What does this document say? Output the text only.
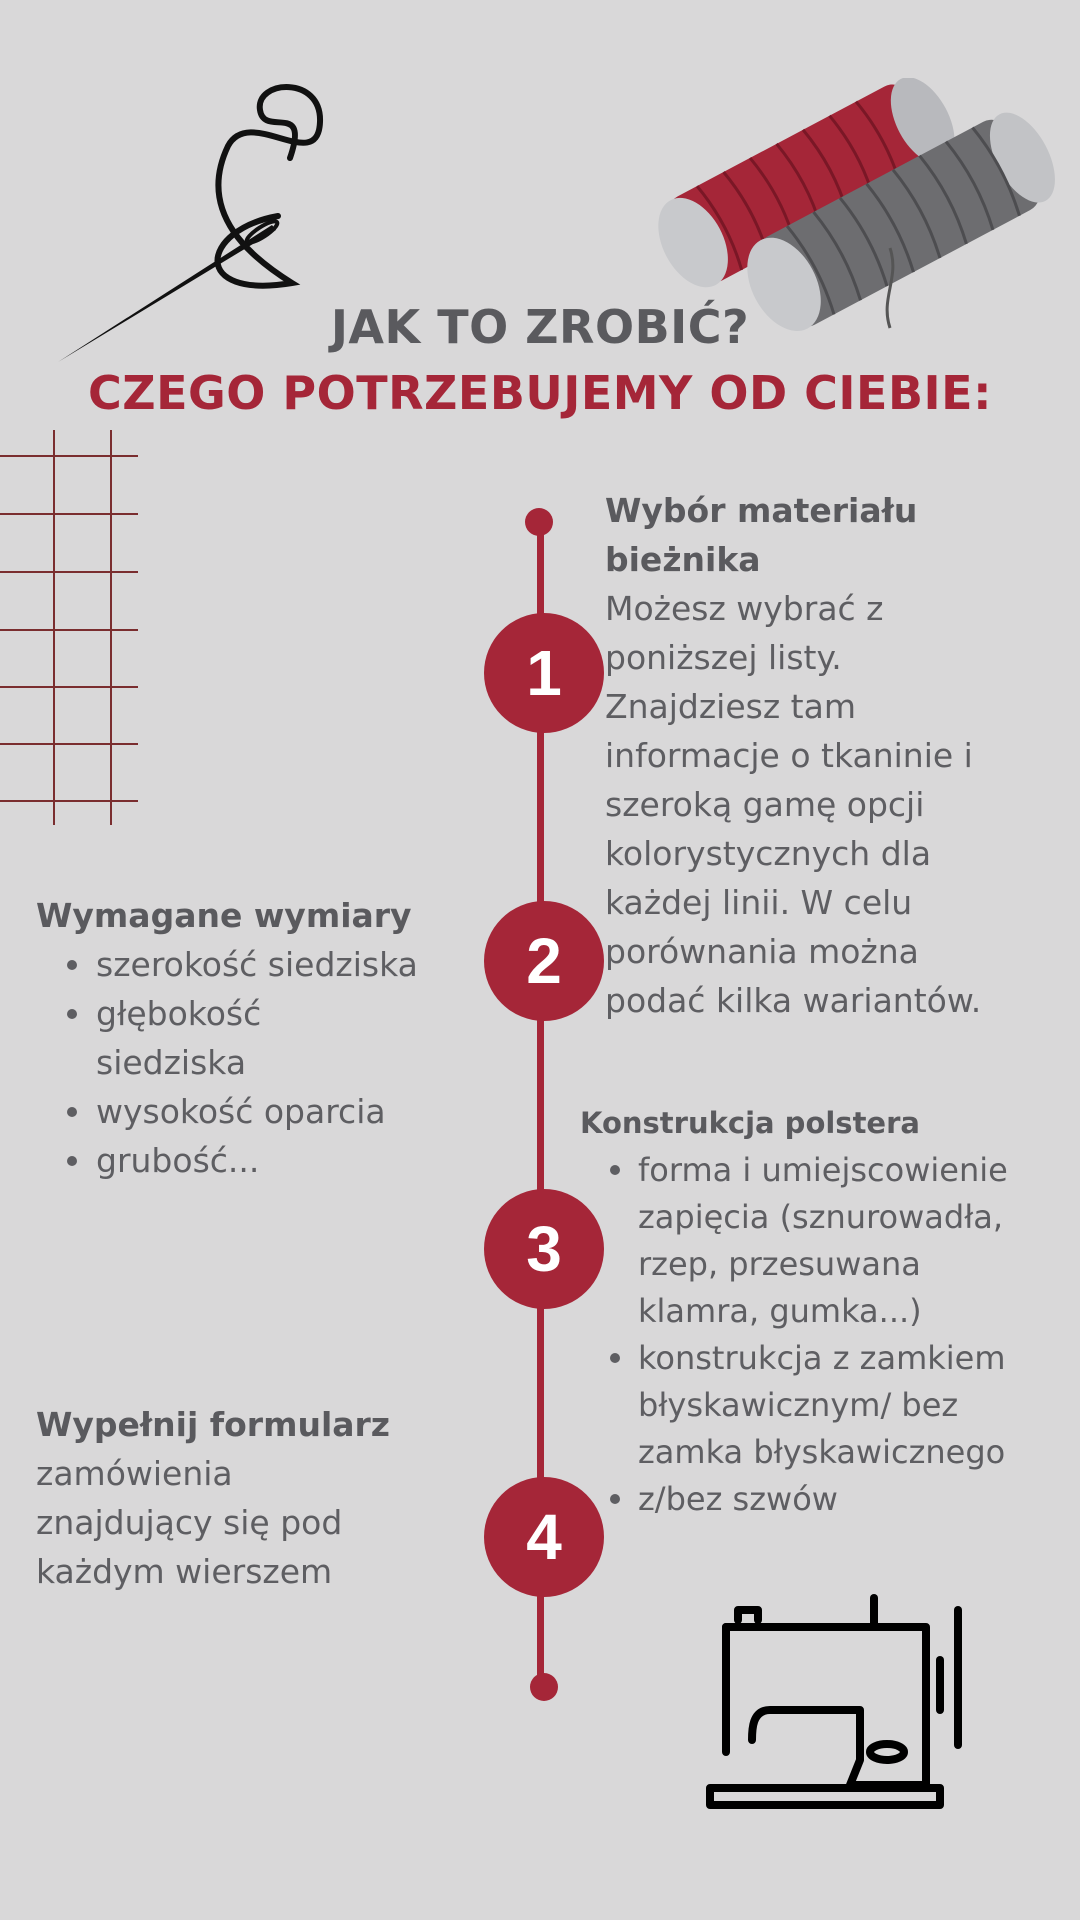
JAK TO ZROBIĆ?
CZEGO POTRZEBUJEMY OD CIEBIE:
1
2
3
4
Wybór materiału
bieżnika
Możesz wybrać z
poniższej listy.
Znajdziesz tam
informacje o tkaninie i
szeroką gamę opcji
kolorystycznych dla
każdej linii. W celu
porównania można
podać kilka wariantów.
Wymagane wymiary
szerokość siedziska
głębokość
siedziska
wysokość oparcia
grubość...
Konstrukcja polstera
forma i umiejscowienie
zapięcia (sznurowadła,
rzep, przesuwana
klamra, gumka...)
konstrukcja z zamkiem
błyskawicznym/ bez
zamka błyskawicznego
z/bez szwów
Wypełnij formularz
zamówienia
znajdujący się pod
każdym wierszem
